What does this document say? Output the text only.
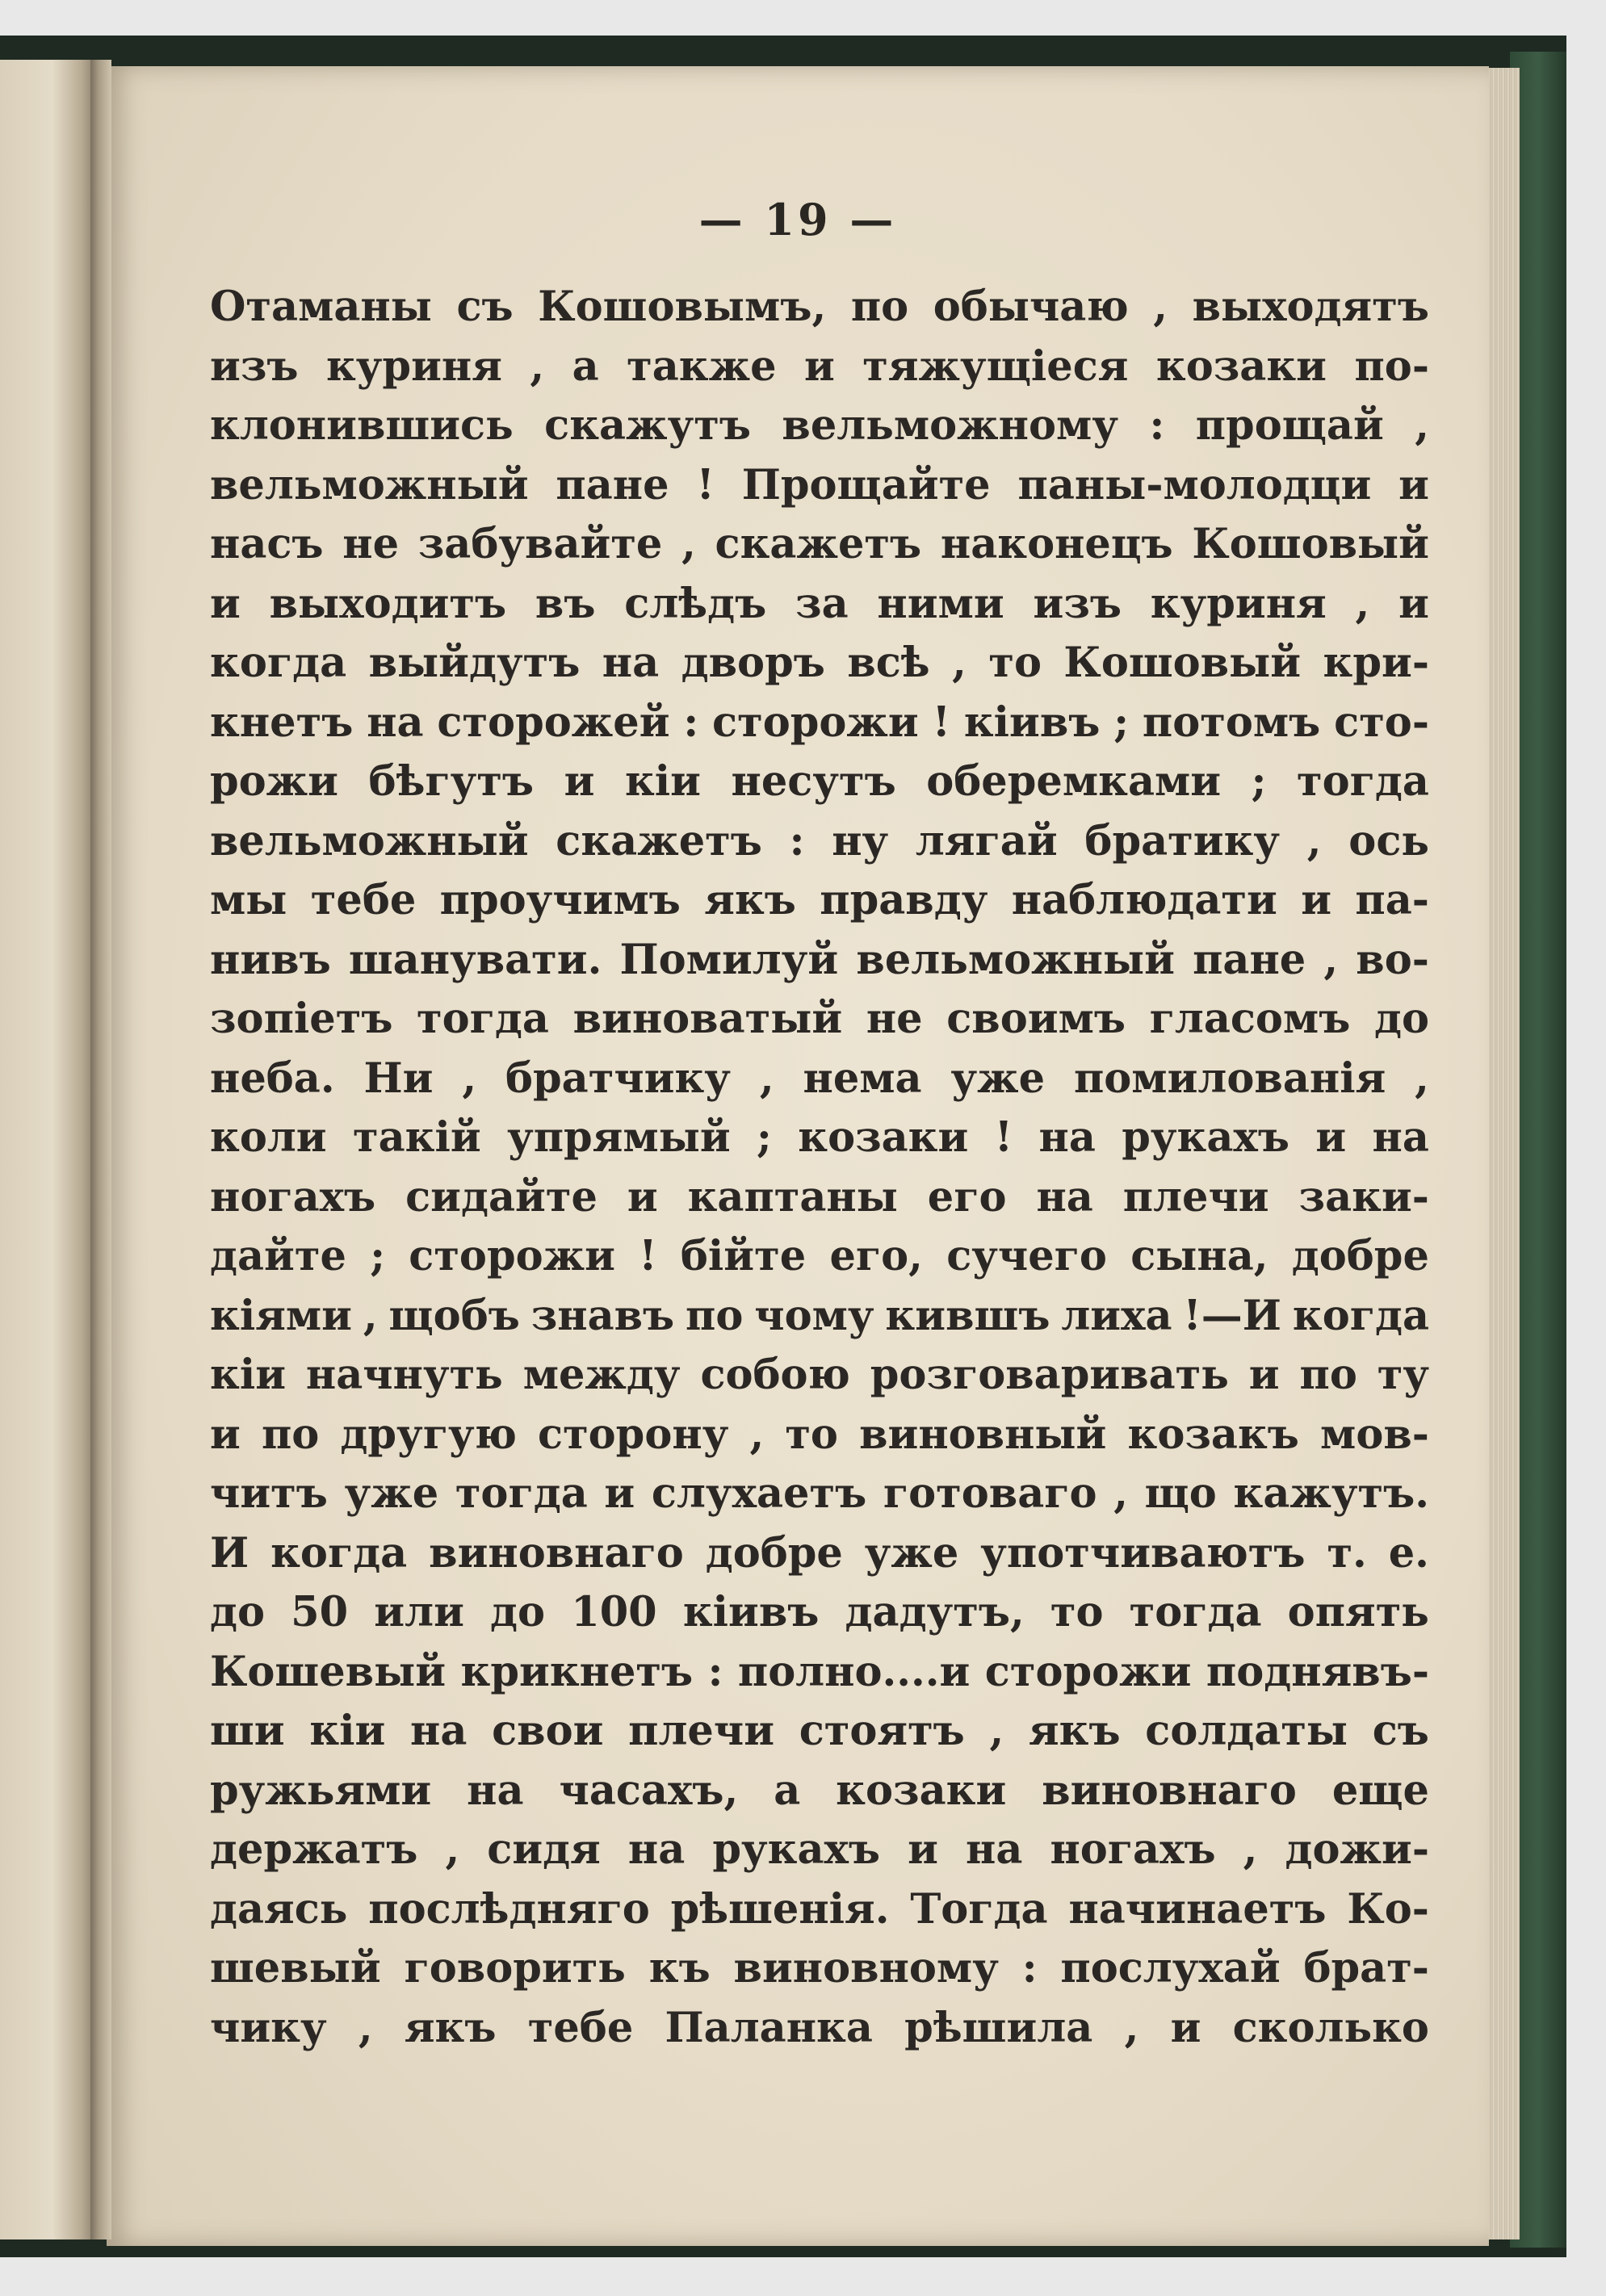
— 19 —
Отаманы съ Кошовымъ, по обычаю , выходятъ
изъ куриня , а также и тяжущіеся козаки по-
клонившись скажутъ вельможному : прощай ,
вельможный пане ! Прощайте паны-молодци и
насъ не забувайте , скажетъ наконецъ Кошовый
и выходитъ въ слѣдъ за ними изъ куриня , и
когда выйдутъ на дворъ всѣ , то Кошовый кри-
кнетъ на сторожей : сторожи ! кіивъ ; потомъ сто-
рожи бѣгутъ и кіи несутъ оберемками ; тогда
вельможный скажетъ : ну лягай братику , ось
мы тебе проучимъ якъ правду наблюдати и па-
нивъ шанувати. Помилуй вельможный пане , во-
зопіетъ тогда виноватый не своимъ гласомъ до
неба. Ни , братчику , нема уже помилованія ,
коли такій упрямый ; козаки ! на рукахъ и на
ногахъ сидайте и каптаны его на плечи заки-
дайте ; сторожи ! бійте его, сучего сына, добре
кіями , щобъ знавъ по чому кившъ лиха !—И когда
кіи начнуть между собою розговаривать и по ту
и по другую сторону , то виновный козакъ мов-
читъ уже тогда и слухаетъ готоваго , що кажутъ.
И когда виновнаго добре уже употчиваютъ т. е.
до 50 или до 100 кіивъ дадутъ, то тогда опять
Кошевый крикнетъ : полно....и сторожи поднявъ-
ши кіи на свои плечи стоятъ , якъ солдаты съ
ружьями на часахъ, а козаки виновнаго еще
держатъ , сидя на рукахъ и на ногахъ , дожи-
даясь послѣдняго рѣшенія. Тогда начинаетъ Ко-
шевый говорить къ виновному : послухай брат-
чику , якъ тебе Паланка рѣшила , и сколько
